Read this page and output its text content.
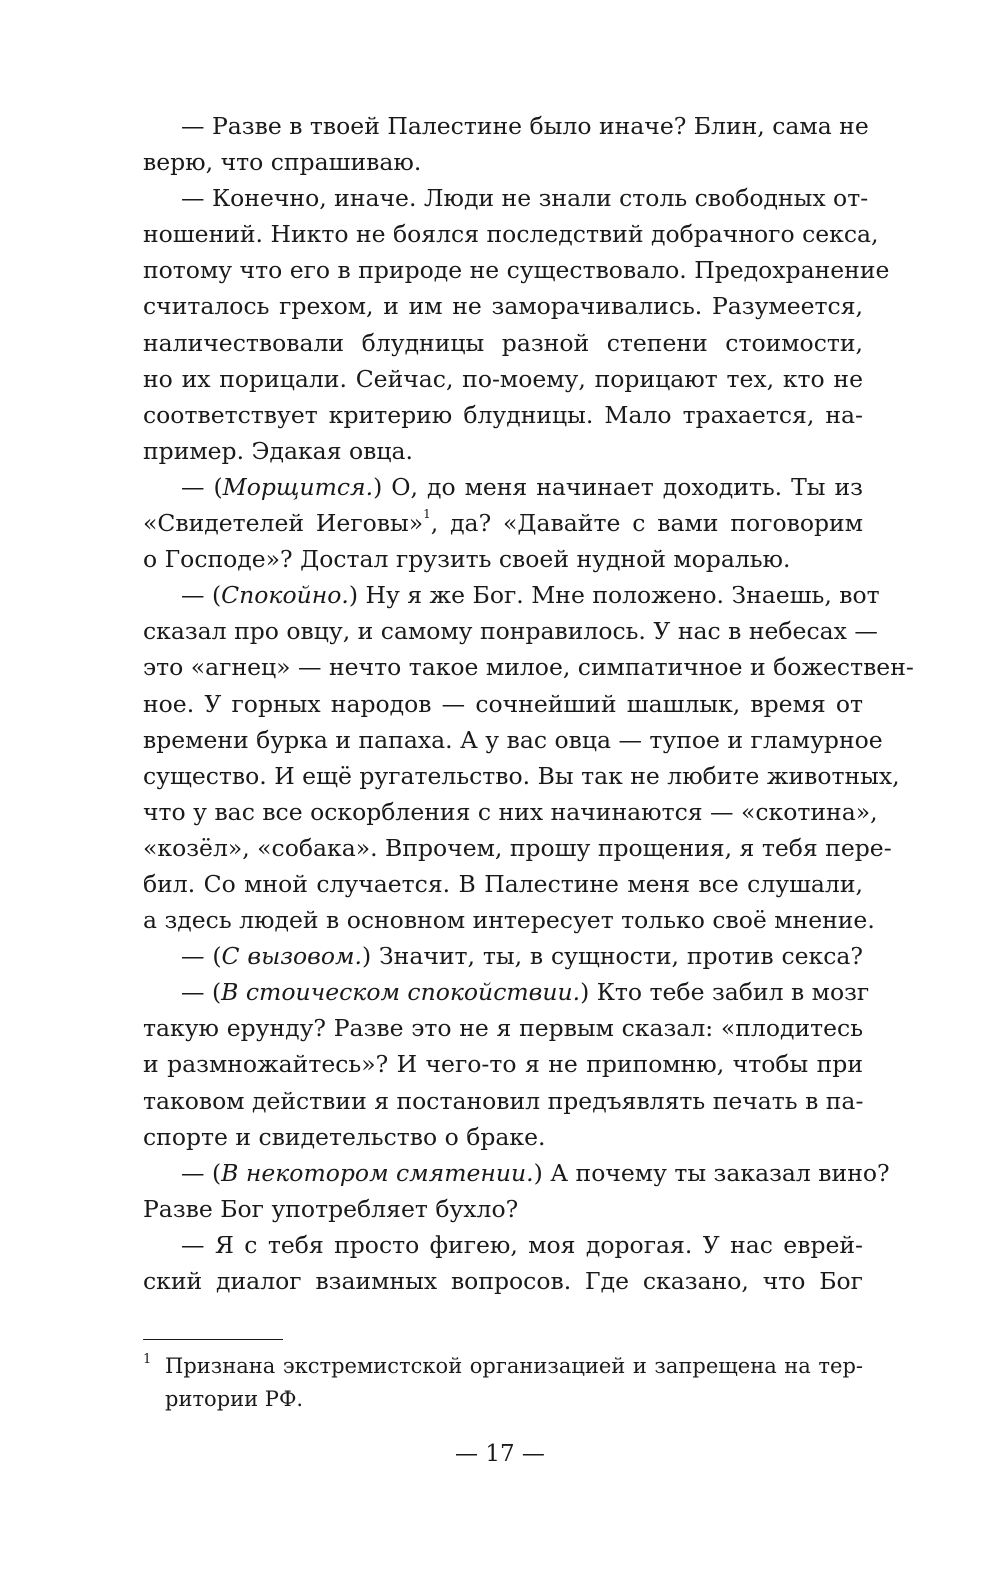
— Разве в твоей Палестине было иначе? Блин, сама не
верю, что спрашиваю.
— Конечно, иначе. Люди не знали столь свободных от-
ношений. Никто не боялся последствий добрачного секса,
потому что его в природе не существовало. Предохранение
считалось грехом, и им не заморачивались. Разумеется,
наличествовали блудницы разной степени стоимости,
но их порицали. Сейчас, по-моему, порицают тех, кто не
соответствует критерию блудницы. Мало трахается, на-
пример. Эдакая овца.
— (Морщится.) О, до меня начинает доходить. Ты из
«Свидетелей Иеговы»$^1$, да? «Давайте с вами поговорим
о Господе»? Достал грузить своей нудной моралью.
— (Спокойно.) Ну я же Бог. Мне положено. Знаешь, вот
сказал про овцу, и самому понравилось. У нас в небесах —
это «агнец» — нечто такое милое, симпатичное и божествен-
ное. У горных народов — сочнейший шашлык, время от
времени бурка и папаха. А у вас овца — тупое и гламурное
существо. И ещё ругательство. Вы так не любите животных,
что у вас все оскорбления с них начинаются — «скотина»,
«козёл», «собака». Впрочем, прошу прощения, я тебя пере-
бил. Со мной случается. В Палестине меня все слушали,
а здесь людей в основном интересует только своё мнение.
— (С вызовом.) Значит, ты, в сущности, против секса?
— (В стоическом спокойствии.) Кто тебе забил в мозг
такую ерунду? Разве это не я первым сказал: «плодитесь
и размножайтесь»? И чего-то я не припомню, чтобы при
таковом действии я постановил предъявлять печать в па-
спорте и свидетельство о браке.
— (В некотором смятении.) А почему ты заказал вино?
Разве Бог употребляет бухло?
— Я с тебя просто фигею, моя дорогая. У нас еврей-
ский диалог взаимных вопросов. Где сказано, что Бог
1 Признана экстремистской организацией и запрещена на тер-
ритории РФ.
— 17 —
